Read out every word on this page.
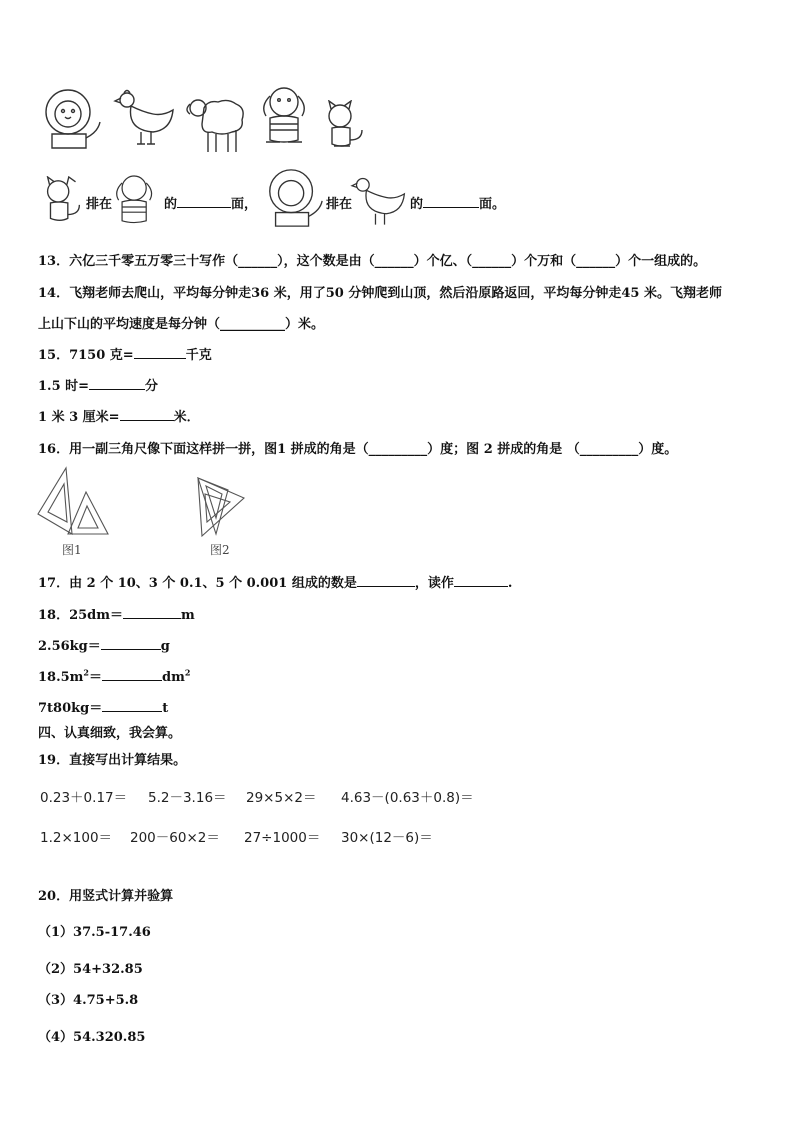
排在	的	面，	排在	的	面。
13．六亿三千零五万零三十写作（______），这个数是由（______）个亿、（______）个万和（______）个一组成的。
14．飞翔老师去爬山，平均每分钟走36 米，用了50 分钟爬到山顶，然后沿原路返回，平均每分钟走45 米。飞翔老师
上山下山的平均速度是每分钟（__________）米。
15．7150 克=	千克
1.5 时=	分
1 米 3 厘米=	米．
16．用一副三角尺像下面这样拼一拼，图1 拼成的角是（_________）度；图 2 拼成的角是 （_________）度。
图1	图2
17．由 2 个 10、3 个 0.1、5 个 0.001 组成的数是	，读作	.
18．25dm＝	m
2.56kg＝	g
$18.5m^2=$	$dm^2$
7t80kg＝	t
四、认真细致，我会算。
19．直接写出计算结果。
0.23＋0.17＝ 5.2－3.16＝ 29×5×2＝ 4.63－(0.63＋0.8)＝
1.2×100＝ 200－60×2＝ 27÷1000＝ 30×(12－6)＝
20．用竖式计算并验算
（1）37.5-17.46
（2）54+32.85
（3）4.75+5.8
（4）54.320.85
